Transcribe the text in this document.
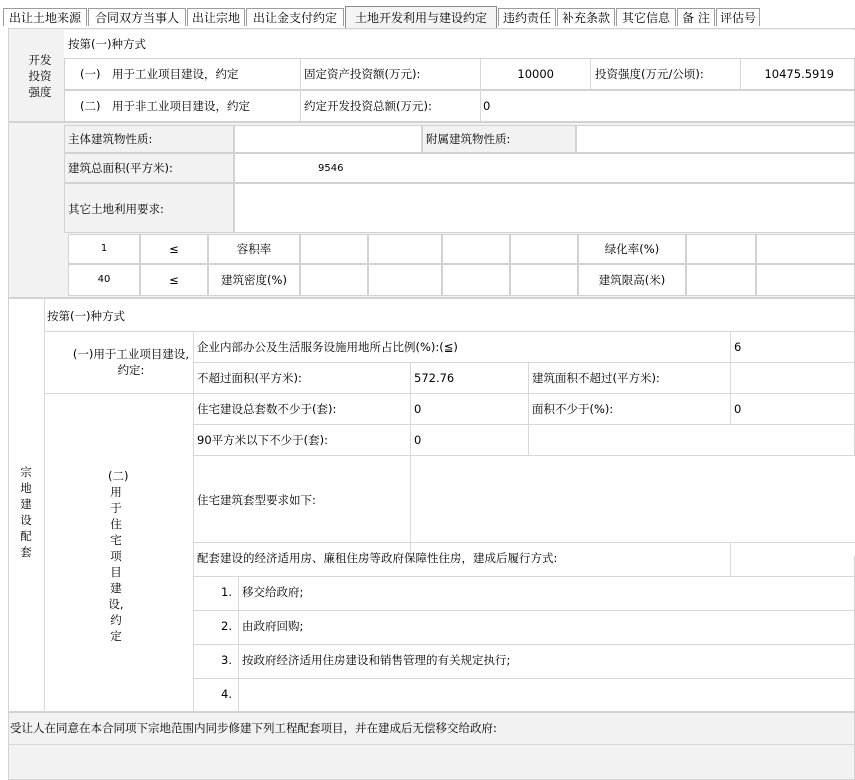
出让土地来源	合同双方当事人	出让宗地	出让金支付约定	土地开发利用与建设约定	违约责任 补充条款 其它信息	备 注 评估号
开发投资强度
按第(一)种方式
(一) 用于工业项目建设，约定	固定资产投资额(万元):	10000	投资强度(万元/公顷):	10475.5919
(二) 用于非工业项目建设，约定	约定开发投资总额(万元):	0
主体建筑物性质:	附属建筑物性质:
建筑总面积(平方米):	9546
其它土地利用要求:
1	≤	容积率	绿化率(%)
40	≤	建筑密度(%)	建筑限高(米)
宗地建设配套
按第(一)种方式
(一)用于工业项目建设,约定:
企业内部办公及生活服务设施用地所占比例(%):(≦)	6
不超过面积(平方米):	572.76	建筑面积不超过(平方米):
(二)用于住宅项目建设,约定
住宅建设总套数不少于(套):	0	面积不少于(%):	0
90平方米以下不少于(套):	0
住宅建筑套型要求如下:
配套建设的经济适用房、廉租住房等政府保障性住房，建成后履行方式:
1. 移交给政府;
2. 由政府回购;
3. 按政府经济适用住房建设和销售管理的有关规定执行;
4.
受让人在同意在本合同项下宗地范围内同步修建下列工程配套项目，并在建成后无偿移交给政府:
